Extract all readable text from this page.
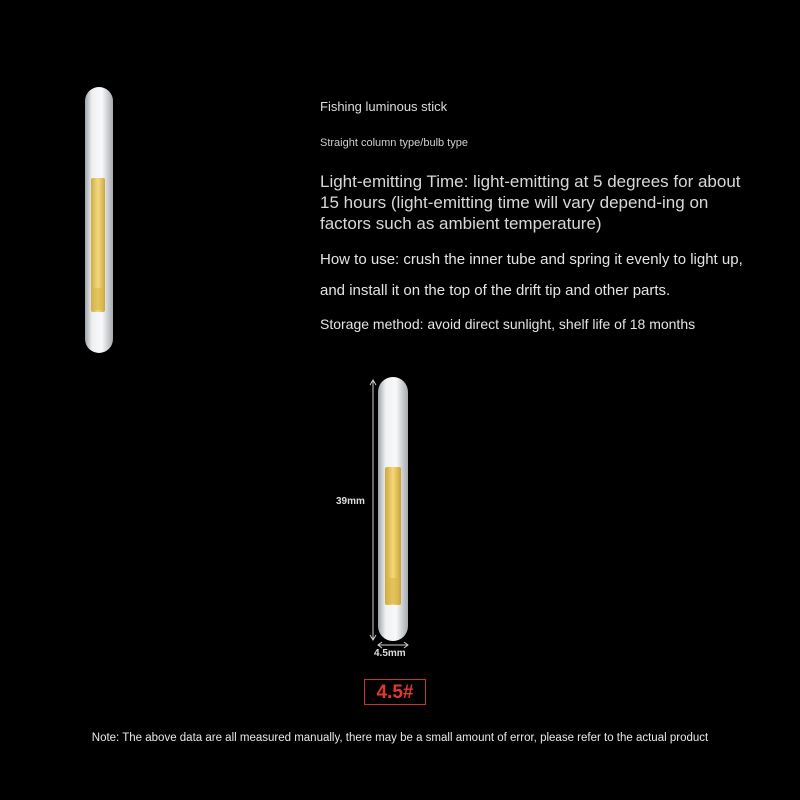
Fishing luminous stick
Straight column type/bulb type
Light-emitting Time: light-emitting at 5 degrees for about 15 hours (light-emitting time will vary depend-ing on factors such as ambient temperature)
How to use: crush the inner tube and spring it evenly to light up, and install it on the top of the drift tip and other parts.
Storage method: avoid direct sunlight, shelf life of 18 months
39mm
4.5mm
4.5#
Note: The above data are all measured manually, there may be a small amount of error, please refer to the actual product
